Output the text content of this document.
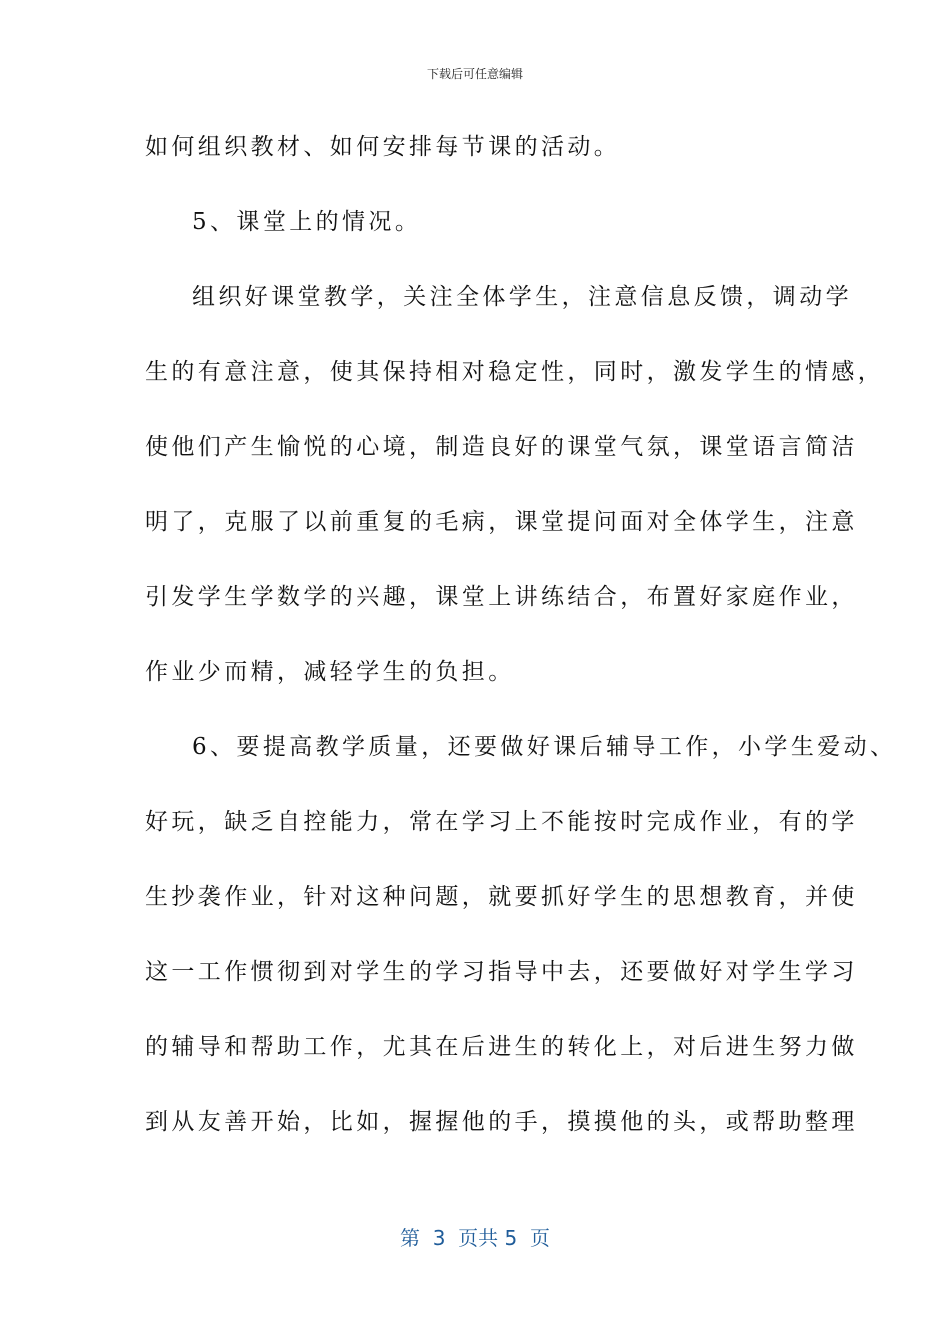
下载后可任意编辑
如何组织教材、如何安排每节课的活动。
5、课堂上的情况。
组织好课堂教学，关注全体学生，注意信息反馈，调动学
生的有意注意，使其保持相对稳定性，同时，激发学生的情感，
使他们产生愉悦的心境，制造良好的课堂气氛，课堂语言简洁
明了，克服了以前重复的毛病，课堂提问面对全体学生，注意
引发学生学数学的兴趣，课堂上讲练结合，布置好家庭作业，
作业少而精，减轻学生的负担。
6、要提高教学质量，还要做好课后辅导工作，小学生爱动、
好玩，缺乏自控能力，常在学习上不能按时完成作业，有的学
生抄袭作业，针对这种问题，就要抓好学生的思想教育，并使
这一工作惯彻到对学生的学习指导中去，还要做好对学生学习
的辅导和帮助工作，尤其在后进生的转化上，对后进生努力做
到从友善开始，比如，握握他的手，摸摸他的头，或帮助整理
第  3  页共 5  页
